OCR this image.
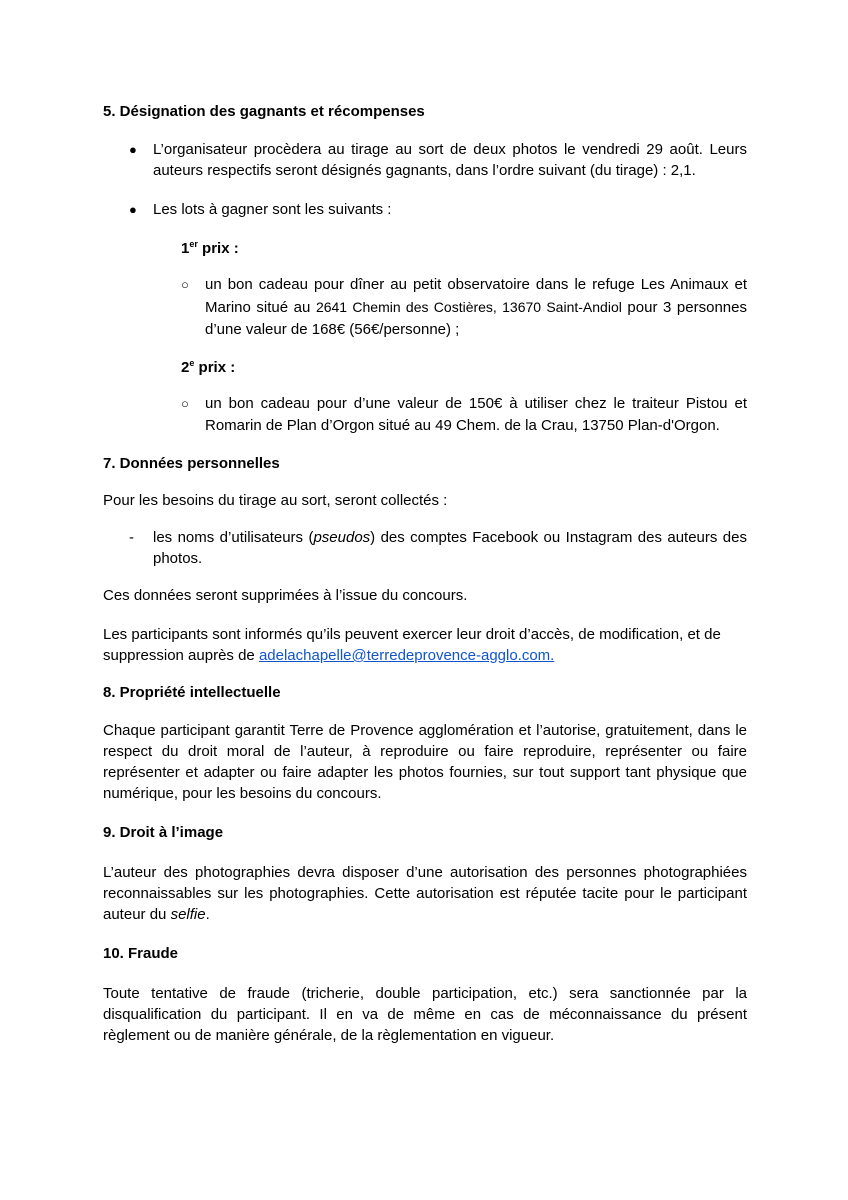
5. Désignation des gagnants et récompenses
● L’organisateur procèdera au tirage au sort de deux photos le vendredi 29 août. Leurs auteurs respectifs seront désignés gagnants, dans l’ordre suivant (du tirage) : 2,1.
● Les lots à gagner sont les suivants :
1er prix :
○ un bon cadeau pour dîner au petit observatoire dans le refuge Les Animaux et Marino situé au 2641 Chemin des Costières, 13670 Saint-Andiol pour 3 personnes d’une valeur de 168€ (56€/personne) ;
2e prix :
○ un bon cadeau pour d’une valeur de 150€ à utiliser chez le traiteur Pistou et Romarin de Plan d’Orgon situé au 49 Chem. de la Crau, 13750 Plan-d'Orgon.
7. Données personnelles

Pour les besoins du tirage au sort, seront collectés :

- les noms d’utilisateurs (pseudos) des comptes Facebook ou Instagram des auteurs des photos.

Ces données seront supprimées à l’issue du concours.

Les participants sont informés qu’ils peuvent exercer leur droit d’accès, de modification, et de suppression auprès de adelachapelle@terredeprovence-agglo.com.

8. Propriété intellectuelle

Chaque participant garantit Terre de Provence agglomération et l’autorise, gratuitement, dans le respect du droit moral de l’auteur, à reproduire ou faire reproduire, représenter ou faire représenter et adapter ou faire adapter les photos fournies, sur tout support tant physique que numérique, pour les besoins du concours.

9. Droit à l’image

L’auteur des photographies devra disposer d’une autorisation des personnes photographiées reconnaissables sur les photographies. Cette autorisation est réputée tacite pour le participant auteur du selfie.

10. Fraude

Toute tentative de fraude (tricherie, double participation, etc.) sera sanctionnée par la disqualification du participant. Il en va de même en cas de méconnaissance du présent règlement ou de manière générale, de la règlementation en vigueur.
